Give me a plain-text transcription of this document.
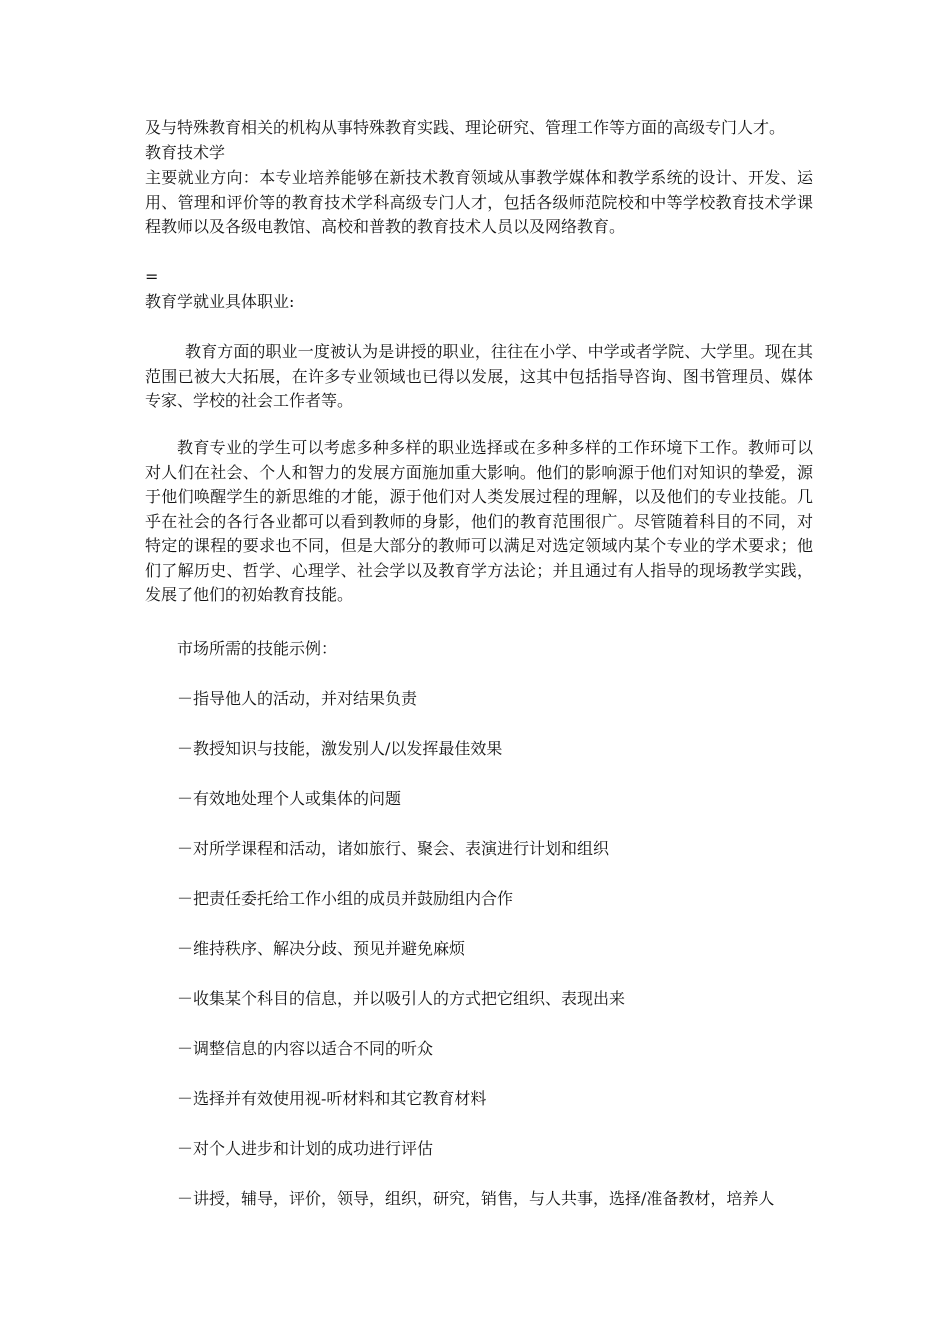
及与特殊教育相关的机构从事特殊教育实践、理论研究、管理工作等方面的高级专门人才。
教育技术学
主要就业方向：本专业培养能够在新技术教育领域从事教学媒体和教学系统的设计、开发、运用、管理和评价等的教育技术学科高级专门人才，包括各级师范院校和中等学校教育技术学课程教师以及各级电教馆、高校和普教的教育技术人员以及网络教育。
=
教育学就业具体职业:
教育方面的职业一度被认为是讲授的职业，往往在小学、中学或者学院、大学里。现在其范围已被大大拓展，在许多专业领域也已得以发展，这其中包括指导咨询、图书管理员、媒体专家、学校的社会工作者等。
教育专业的学生可以考虑多种多样的职业选择或在多种多样的工作环境下工作。教师可以对人们在社会、个人和智力的发展方面施加重大影响。他们的影响源于他们对知识的挚爱，源于他们唤醒学生的新思维的才能，源于他们对人类发展过程的理解，以及他们的专业技能。几乎在社会的各行各业都可以看到教师的身影，他们的教育范围很广。尽管随着科目的不同，对特定的课程的要求也不同，但是大部分的教师可以满足对选定领域内某个专业的学术要求；他们了解历史、哲学、心理学、社会学以及教育学方法论；并且通过有人指导的现场教学实践，发展了他们的初始教育技能。
市场所需的技能示例：
－指导他人的活动，并对结果负责
－教授知识与技能，激发别人/以发挥最佳效果
－有效地处理个人或集体的问题
－对所学课程和活动，诸如旅行、聚会、表演进行计划和组织
－把责任委托给工作小组的成员并鼓励组内合作
－维持秩序、解决分歧、预见并避免麻烦
－收集某个科目的信息，并以吸引人的方式把它组织、表现出来
－调整信息的内容以适合不同的听众
－选择并有效使用视-听材料和其它教育材料
－对个人进步和计划的成功进行评估
－讲授，辅导，评价，领导，组织，研究，销售，与人共事，选择/准备教材，培养人
